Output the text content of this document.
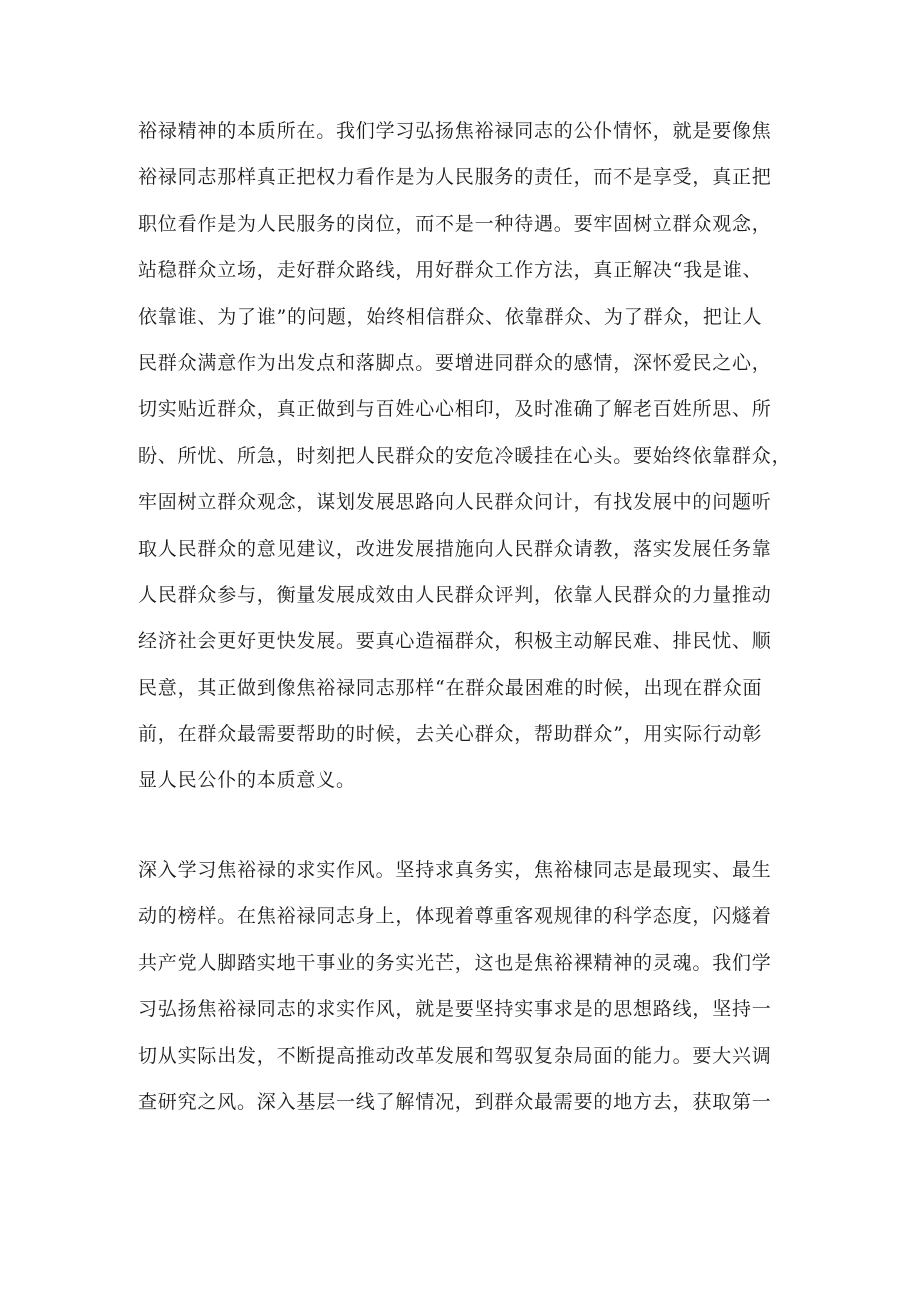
裕禄精神的本质所在。我们学习弘扬焦裕禄同志的公仆情怀，就是要像焦
裕禄同志那样真正把权力看作是为人民服务的责任，而不是享受，真正把
职位看作是为人民服务的岗位，而不是一种待遇。要牢固树立群众观念，
站稳群众立场，走好群众路线，用好群众工作方法，真正解决“我是谁、
依靠谁、为了谁”的问题，始终相信群众、依靠群众、为了群众，把让人
民群众满意作为出发点和落脚点。要增进同群众的感情，深怀爱民之心，
切实贴近群众，真正做到与百姓心心相印，及时准确了解老百姓所思、所
盼、所忧、所急，时刻把人民群众的安危冷暖挂在心头。要始终依靠群众，
牢固树立群众观念，谋划发展思路向人民群众问计，有找发展中的问题听
取人民群众的意见建议，改进发展措施向人民群众请教，落实发展任务靠
人民群众参与，衡量发展成效由人民群众评判，依靠人民群众的力量推动
经济社会更好更快发展。要真心造福群众，积极主动解民难、排民忧、顺
民意，其正做到像焦裕禄同志那样“在群众最困难的时候，出现在群众面
前，在群众最需要帮助的时候，去关心群众，帮助群众”，用实际行动彰
显人民公仆的本质意义。
深入学习焦裕禄的求实作风。坚持求真务实，焦裕棣同志是最现实、最生
动的榜样。在焦裕禄同志身上，体现着尊重客观规律的科学态度，闪燧着
共产党人脚踏实地干事业的务实光芒，这也是焦裕裸精神的灵魂。我们学
习弘扬焦裕禄同志的求实作风，就是要坚持实事求是的思想路线，坚持一
切从实际出发，不断提高推动改革发展和驾驭复杂局面的能力。要大兴调
查研究之风。深入基层一线了解情况，到群众最需要的地方去，获取第一
